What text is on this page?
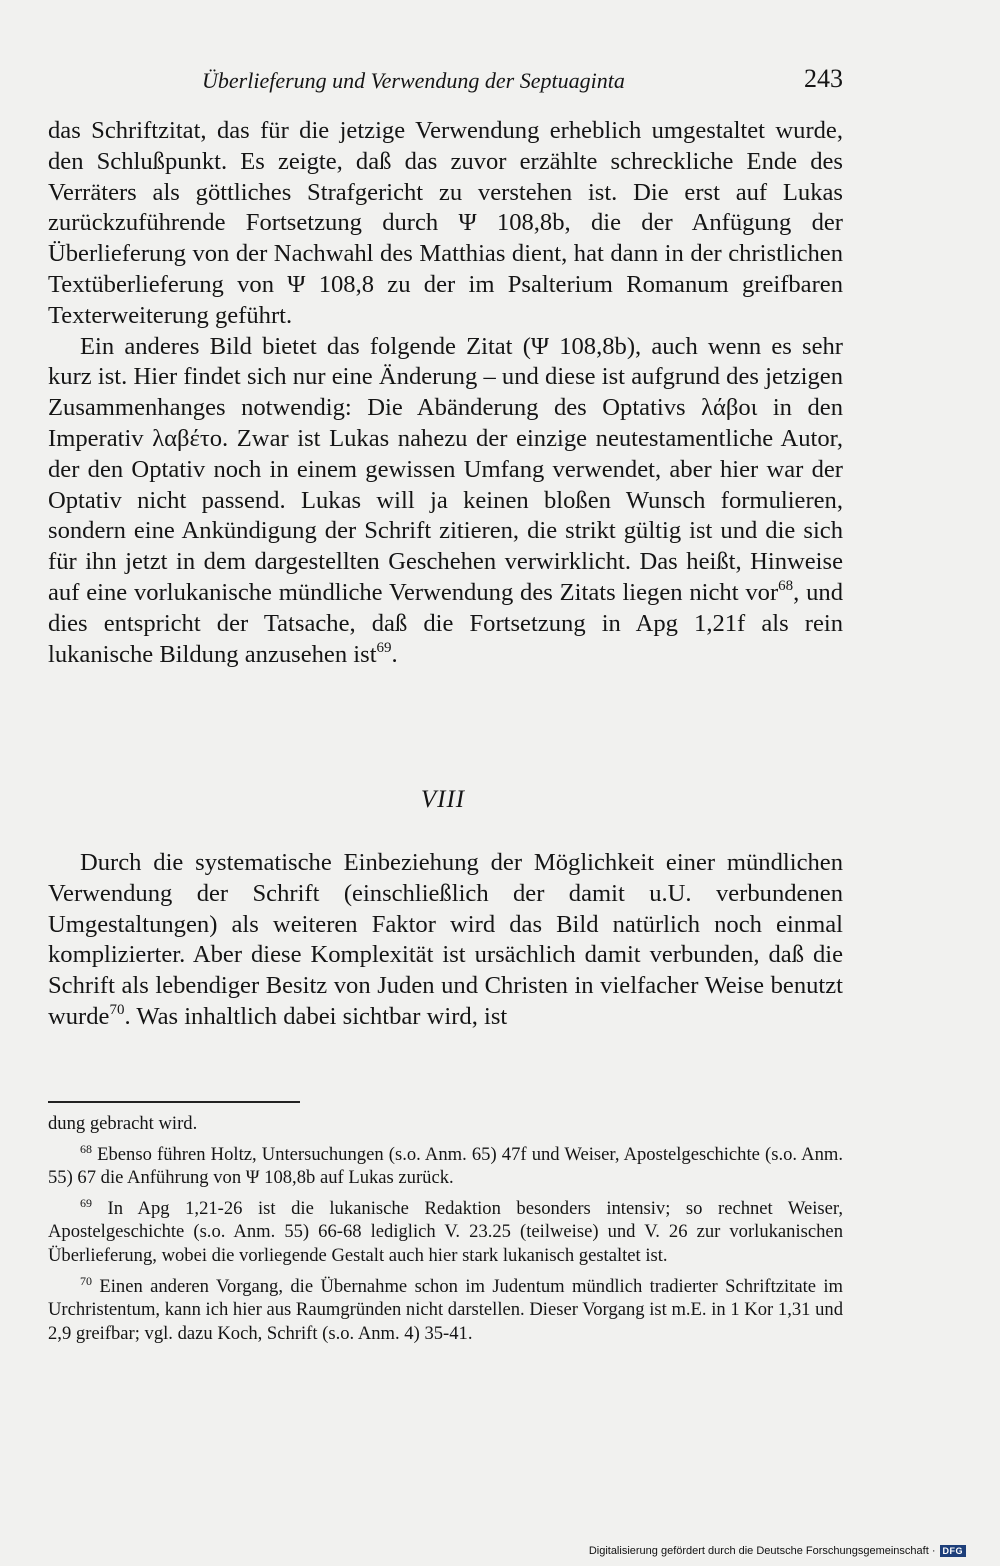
Überlieferung und Verwendung der Septuaginta	243

das Schriftzitat, das für die jetzige Verwendung erheblich umgestaltet wurde, den Schlußpunkt. Es zeigte, daß das zuvor erzählte schreckliche Ende des Verräters als göttliches Strafgericht zu verstehen ist. Die erst auf Lukas zurückzuführende Fortsetzung durch Ψ 108,8b, die der Anfügung der Überlieferung von der Nachwahl des Matthias dient, hat dann in der christlichen Textüberlieferung von Ψ 108,8 zu der im Psalterium Romanum greifbaren Texterweiterung geführt.

Ein anderes Bild bietet das folgende Zitat (Ψ 108,8b), auch wenn es sehr kurz ist. Hier findet sich nur eine Änderung – und diese ist aufgrund des jetzigen Zusammenhanges notwendig: Die Abänderung des Optativs λάβοι in den Imperativ λαβέτο. Zwar ist Lukas nahezu der einzige neutestamentliche Autor, der den Optativ noch in einem gewissen Umfang verwendet, aber hier war der Optativ nicht passend. Lukas will ja keinen bloßen Wunsch formulieren, sondern eine Ankündigung der Schrift zitieren, die strikt gültig ist und die sich für ihn jetzt in dem dargestellten Geschehen verwirklicht. Das heißt, Hinweise auf eine vorlukanische mündliche Verwendung des Zitats liegen nicht vor$^{68}$, und dies entspricht der Tatsache, daß die Fortsetzung in Apg 1,21f als rein lukanische Bildung anzusehen ist$^{69}$.

VIII

Durch die systematische Einbeziehung der Möglichkeit einer mündlichen Verwendung der Schrift (einschließlich der damit u.U. verbundenen Umgestaltungen) als weiteren Faktor wird das Bild natürlich noch einmal komplizierter. Aber diese Komplexität ist ursächlich damit verbunden, daß die Schrift als lebendiger Besitz von Juden und Christen in vielfacher Weise benutzt wurde$^{70}$. Was inhaltlich dabei sichtbar wird, ist

dung gebracht wird.

$^{68}$ Ebenso führen Holtz, Untersuchungen (s.o. Anm. 65) 47f und Weiser, Apostelgeschichte (s.o. Anm. 55) 67 die Anführung von Ψ 108,8b auf Lukas zurück.

$^{69}$ In Apg 1,21-26 ist die lukanische Redaktion besonders intensiv; so rechnet Weiser, Apostelgeschichte (s.o. Anm. 55) 66-68 lediglich V. 23.25 (teilweise) und V. 26 zur vorlukanischen Überlieferung, wobei die vorliegende Gestalt auch hier stark lukanisch gestaltet ist.

$^{70}$ Einen anderen Vorgang, die Übernahme schon im Judentum mündlich tradierter Schriftzitate im Urchristentum, kann ich hier aus Raumgründen nicht darstellen. Dieser Vorgang ist m.E. in 1 Kor 1,31 und 2,9 greifbar; vgl. dazu Koch, Schrift (s.o. Anm. 4) 35-41.

Digitalisierung gefördert durch die Deutsche Forschungsgemeinschaft · DFG
